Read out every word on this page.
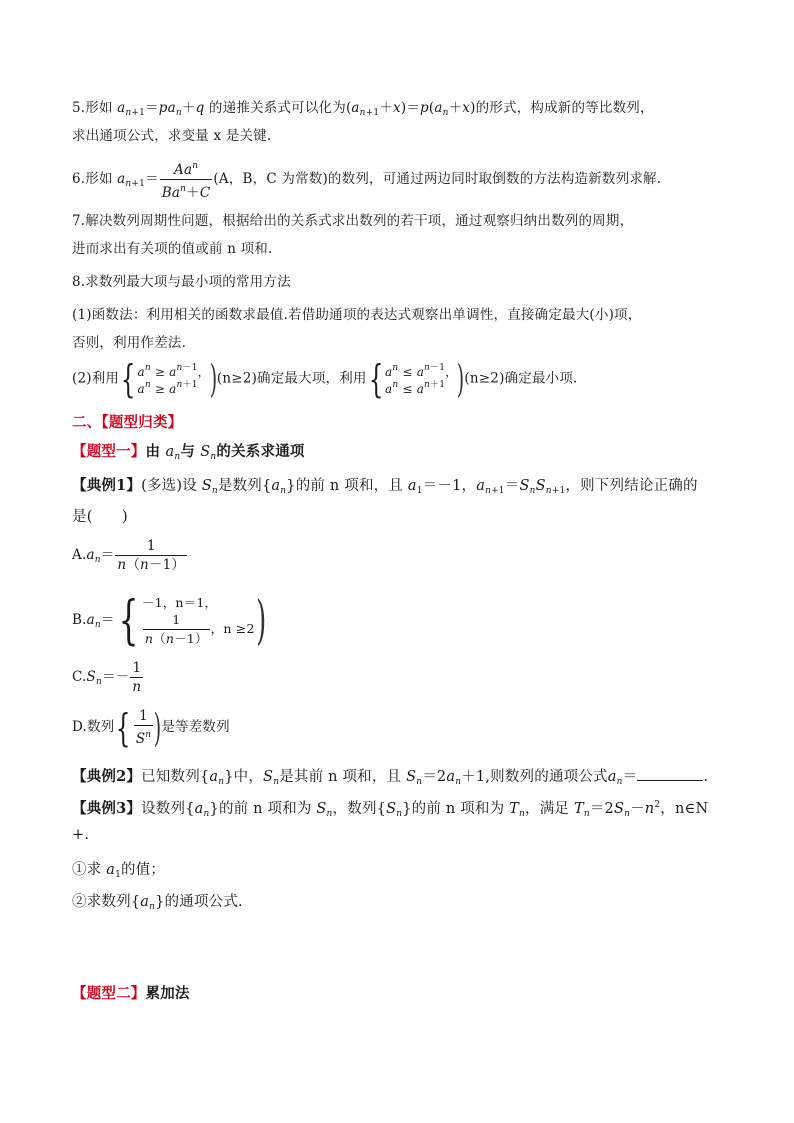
5.形如 $a_{n+1}=pa_n+q$ 的递推关系式可以化为$(a_{n+1}+x)=p(a_n+x)$的形式，构成新的等比数列，
求出通项公式，求变量 x 是关键.
6.形如 $a_{n+1}= \frac{Aa^n}{Ba^n+C} (A$，B，C 为常数)的数列，可通过两边同时取倒数的方法构造新数列求解.
7.解决数列周期性问题，根据给出的关系式求出数列的若干项，通过观察归纳出数列的周期，
进而求出有关项的值或前 n 项和.
8.求数列最大项与最小项的常用方法
(1)函数法：利用相关的函数求最值.若借助通项的表达式观察出单调性，直接确定最大(小)项，
否则，利用作差法.
(2)利用{ $a^n \ge a^{n-1}$，
$a^n \ge a^{n+1}$ )(n≥2)确定最大项，利用{ $a^n \le a^{n-1}$，
$a^n \le a^{n+1}$ )(n≥2)确定最小项.
二、【题型归类】
【题型一】由 $a_n$与 $S_n$的关系求通项
【典例1】(多选)设 $S_n$是数列$\{a_n\}$的前 n 项和，且 $a_1=-1$，$a_{n+1}=S_nS_{n+1}$，则下列结论正确的
是(　　)
$A.a_n= \frac{1}{n(n-1)}$
$B.a_n=\{ -1$，n＝1，

$\frac{1}{n(n-1)}$ ，n ≥2)
$C.S_n=- \frac{1}{n}$
D.数列{ $\frac{1}{S^n}$ )是等差数列
【典例2】已知数列$\{a_n\}$中，$S_n$是其前 n 项和，且 $S_n=2a_n+1$,则数列的通项公式$a_n=$	.
【典例3】设数列$\{a_n\}$的前 n 项和为 $S_n$，数列$\{S_n\}$的前 n 项和为 $T_n$，满足 $T_n=2S_n-n^2$，n∈N
+.
①求 $a_1$的值；
②求数列$\{a_n\}$的通项公式.
【题型二】累加法
